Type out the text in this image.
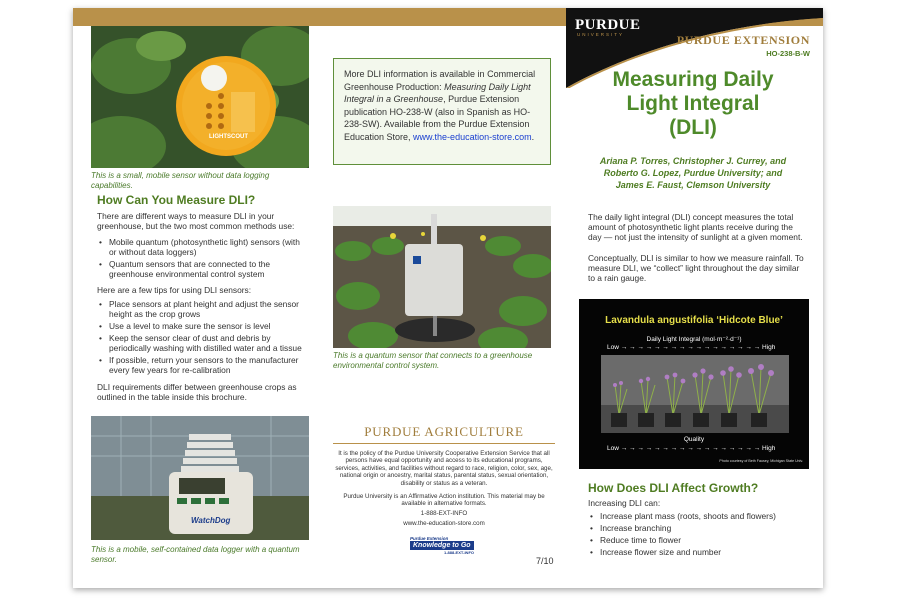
PURDUE
UNIVERSITY	PURDUE EXTENSION
HO-238-B-W
Measuring Daily
Light Integral
(DLI)
Ariana P. Torres, Christopher J. Currey, and
Roberto G. Lopez, Purdue University; and
James E. Faust, Clemson University
The daily light integral (DLI) concept measures the total amount of photosynthetic light plants receive during the day — not just the intensity of sunlight at a given moment.
Conceptually, DLI is similar to how we measure rainfall. To measure DLI, we “collect” light throughout the day similar to a rain gauge.
Lavandula angustifolia ‘Hidcote Blue’
Daily Light Integral (mol·m⁻²·d⁻¹)
Low → → → → → → → → → → → → → → → → → High
Quality
Low → → → → → → → → → → → → → → → → → High
Photo courtesy of Beth Fausey, Michigan State Univ.
How Does DLI Affect Growth?
Increasing DLI can:
• Increase plant mass (roots, shoots and flowers)
• Increase branching
• Reduce time to flower
• Increase flower size and number
LIGHTSCOUT
This is a small, mobile sensor without data logging capabilities.
How Can You Measure DLI?
There are different ways to measure DLI in your greenhouse, but the two most common methods use:
• Mobile quantum (photosynthetic light) sensors (with or without data loggers)
• Quantum sensors that are connected to the greenhouse environmental control system
Here are a few tips for using DLI sensors:
• Place sensors at plant height and adjust the sensor height as the crop grows
• Use a level to make sure the sensor is level
• Keep the sensor clear of dust and debris by periodically washing with distilled water and a tissue
• If possible, return your sensors to the manufacturer every few years for re-calibration
DLI requirements differ between greenhouse crops as outlined in the table inside this brochure.
WatchDog
This is a mobile, self-contained data logger with a quantum sensor.
More DLI information is available in Commercial Greenhouse Production: Measuring Daily Light Integral in a Greenhouse, Purdue Extension publication HO-238-W (also in Spanish as HO-238-SW). Available from the Purdue Extension Education Store, www.the-education-store.com.
This is a quantum sensor that connects to a greenhouse environmental control system.
PURDUE AGRICULTURE
It is the policy of the Purdue University Cooperative Extension Service that all persons have equal opportunity and access to its educational programs, services, activities, and facilities without regard to race, religion, color, sex, age, national origin or ancestry, marital status, parental status, sexual orientation, disability or status as a veteran.
Purdue University is an Affirmative Action institution. This material may be available in alternative formats.
1-888-EXT-INFO
www.the-education-store.com
Purdue Extension
Knowledge to Go
1-888-EXT-INFO
7/10
